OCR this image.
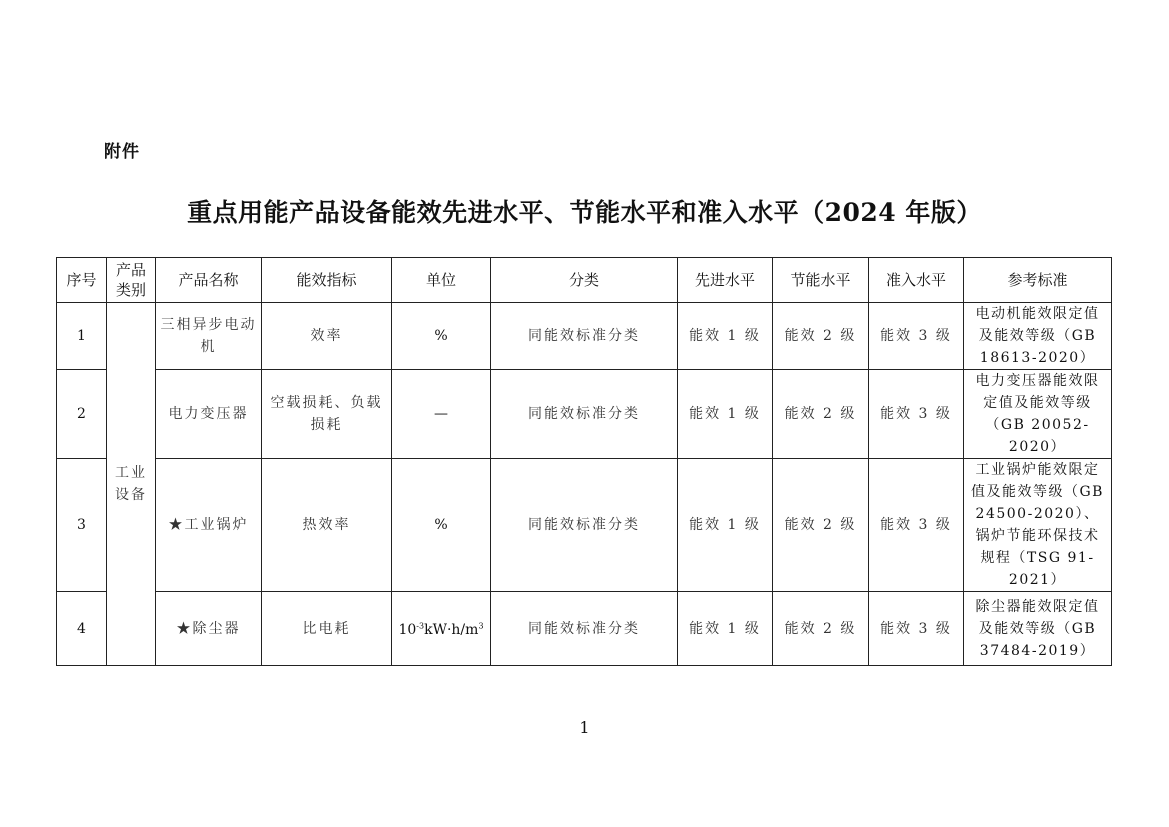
附件
重点用能产品设备能效先进水平、节能水平和准入水平（2024 年版）
序号	产品类别	产品名称	能效指标	单位	分类	先进水平	节能水平	准入水平	参考标准
1	工业设备	三相异步电动机	效率	%	同能效标准分类	能效 1 级	能效 2 级	能效 3 级	电动机能效限定值及能效等级（GB 18613-2020）
2		电力变压器	空载损耗、负载损耗	—	同能效标准分类	能效 1 级	能效 2 级	能效 3 级	电力变压器能效限定值及能效等级（GB 20052-2020）
3		★工业锅炉	热效率	%	同能效标准分类	能效 1 级	能效 2 级	能效 3 级	工业锅炉能效限定值及能效等级（GB 24500-2020）、锅炉节能环保技术规程（TSG 91-2021）
4		★除尘器	比电耗	$10^{-3}kW\cdot h/m^3$	同能效标准分类	能效 1 级	能效 2 级	能效 3 级	除尘器能效限定值及能效等级（GB 37484-2019）
1
